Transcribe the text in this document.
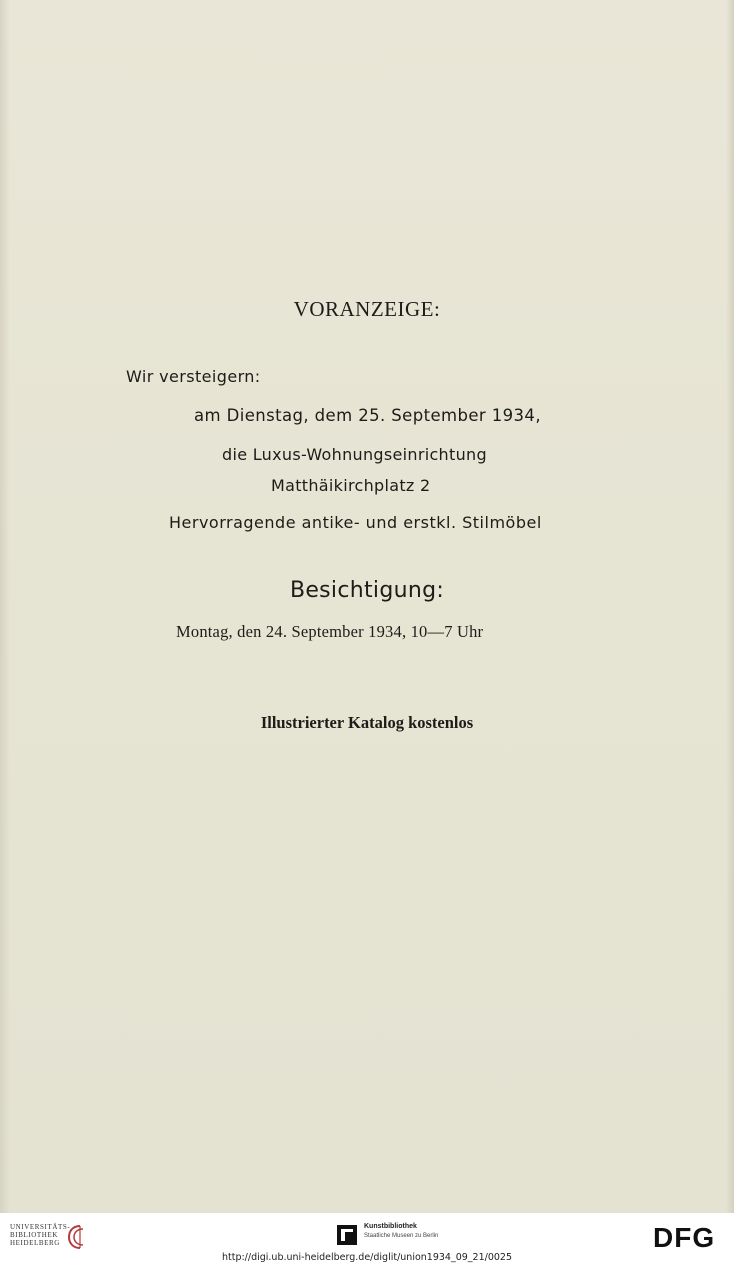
VORANZEIGE:
Wir versteigern:
am Dienstag, dem 25. September 1934,
die Luxus-Wohnungseinrichtung
Matthäikirchplatz 2
Hervorragende antike- und erstkl. Stilmöbel
Besichtigung:
Montag, den 24. September 1934, 10—7 Uhr
Illustrierter Katalog kostenlos
UNIVERSITÄTS-
BIBLIOTHEK
HEIDELBERG
Kunstbibliothek
Staatliche Museen zu Berlin	DFG
http://digi.ub.uni-heidelberg.de/diglit/union1934_09_21/0025
